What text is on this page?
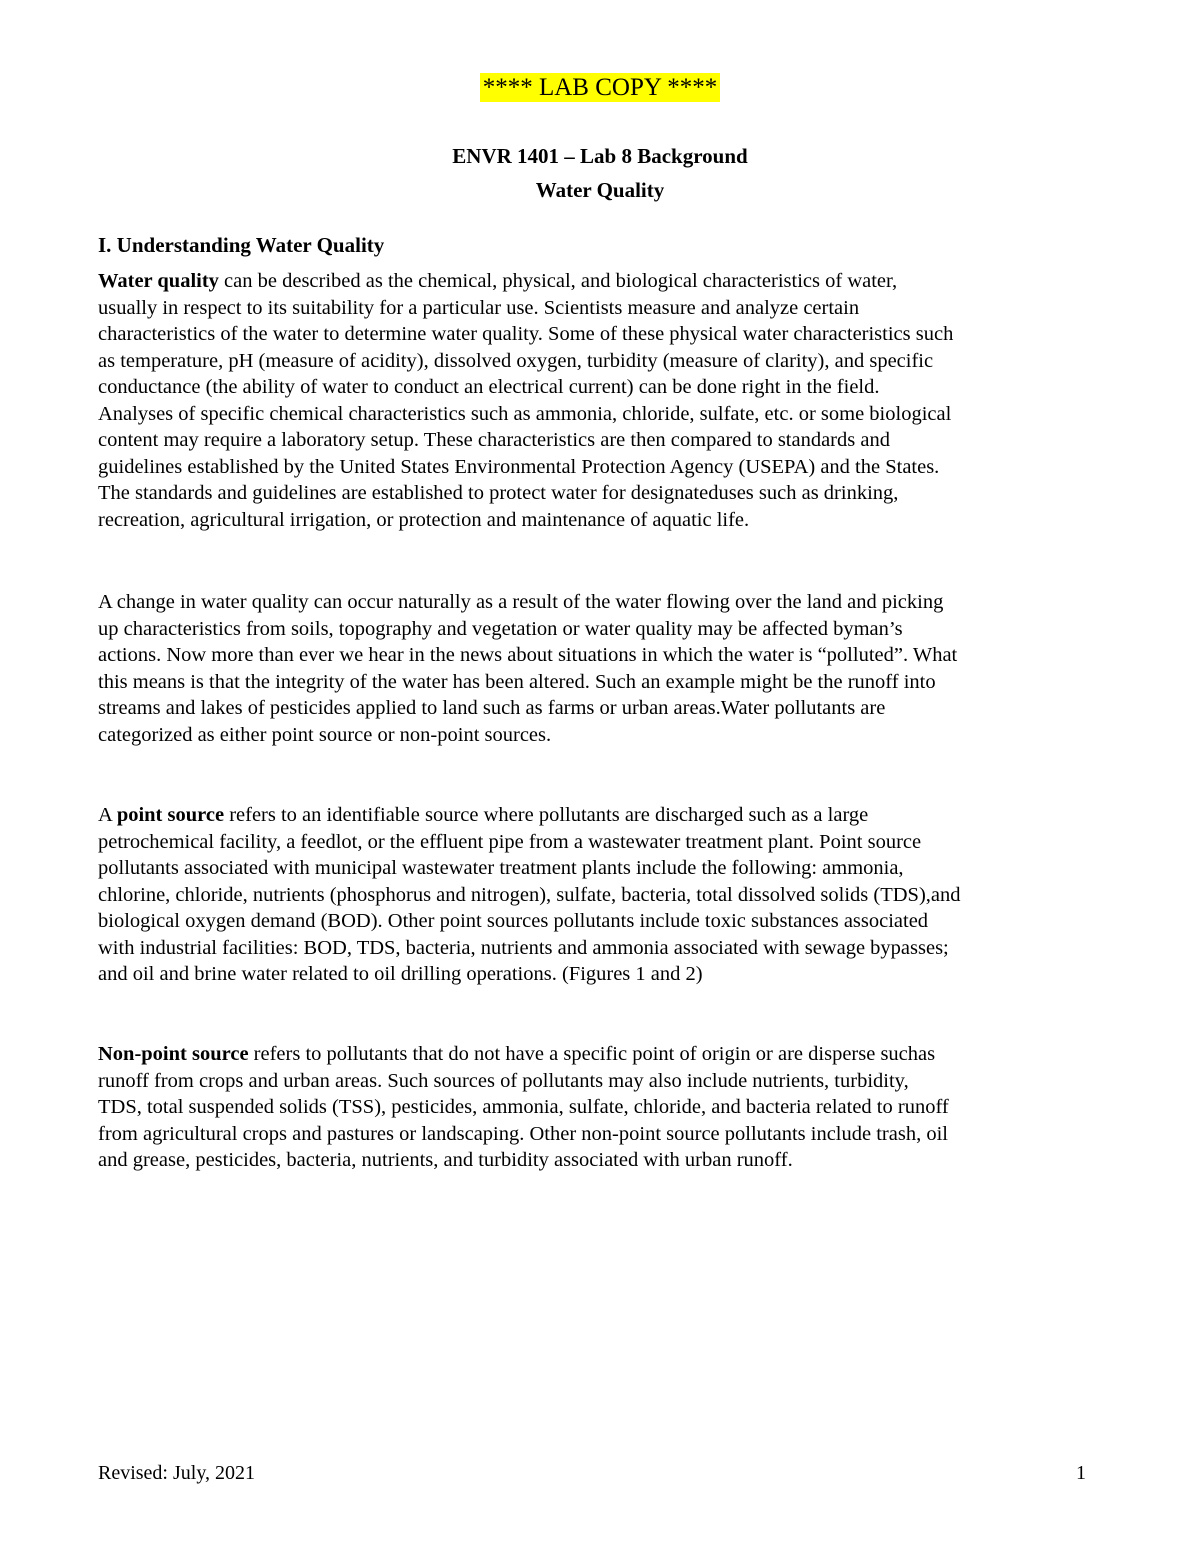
**** LAB COPY ****
ENVR 1401 – Lab 8 Background
Water Quality
I. Understanding Water Quality
Water quality can be described as the chemical, physical, and biological characteristics of water,
usually in respect to its suitability for a particular use. Scientists measure and analyze certain
characteristics of the water to determine water quality. Some of these physical water characteristics such
as temperature, pH (measure of acidity), dissolved oxygen, turbidity (measure of clarity), and specific
conductance (the ability of water to conduct an electrical current) can be done right in the field.
Analyses of specific chemical characteristics such as ammonia, chloride, sulfate, etc. or some biological
content may require a laboratory setup. These characteristics are then compared to standards and
guidelines established by the United States Environmental Protection Agency (USEPA) and the States.
The standards and guidelines are established to protect water for designateduses such as drinking,
recreation, agricultural irrigation, or protection and maintenance of aquatic life.
A change in water quality can occur naturally as a result of the water flowing over the land and picking
up characteristics from soils, topography and vegetation or water quality may be affected byman’s
actions. Now more than ever we hear in the news about situations in which the water is “polluted”. What
this means is that the integrity of the water has been altered. Such an example might be the runoff into
streams and lakes of pesticides applied to land such as farms or urban areas.Water pollutants are
categorized as either point source or non-point sources.
A point source refers to an identifiable source where pollutants are discharged such as a large
petrochemical facility, a feedlot, or the effluent pipe from a wastewater treatment plant. Point source
pollutants associated with municipal wastewater treatment plants include the following: ammonia,
chlorine, chloride, nutrients (phosphorus and nitrogen), sulfate, bacteria, total dissolved solids (TDS),and
biological oxygen demand (BOD). Other point sources pollutants include toxic substances associated
with industrial facilities: BOD, TDS, bacteria, nutrients and ammonia associated with sewage bypasses;
and oil and brine water related to oil drilling operations. (Figures 1 and 2)
Non-point source refers to pollutants that do not have a specific point of origin or are disperse suchas
runoff from crops and urban areas. Such sources of pollutants may also include nutrients, turbidity,
TDS, total suspended solids (TSS), pesticides, ammonia, sulfate, chloride, and bacteria related to runoff
from agricultural crops and pastures or landscaping. Other non-point source pollutants include trash, oil
and grease, pesticides, bacteria, nutrients, and turbidity associated with urban runoff.
Revised: July, 2021	1
